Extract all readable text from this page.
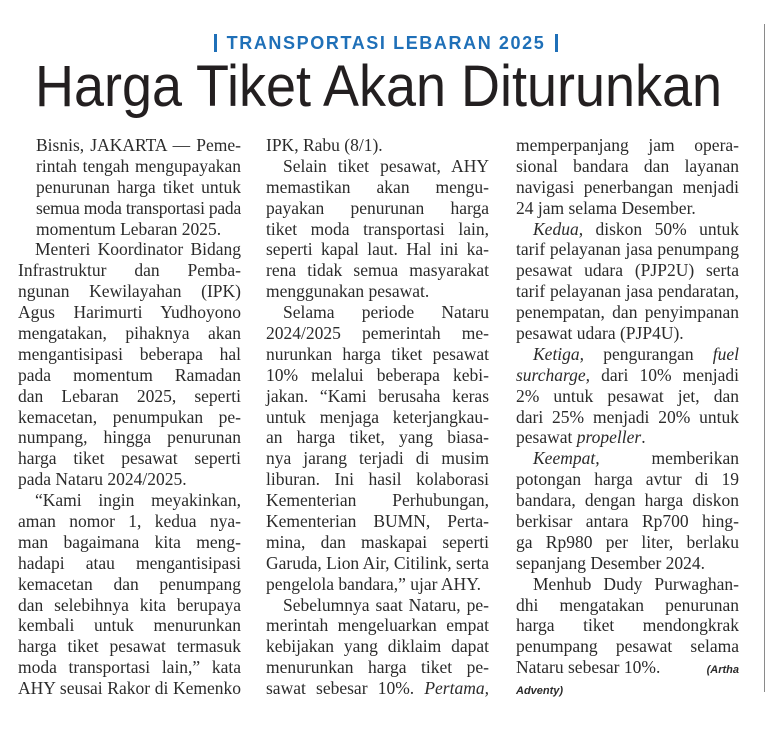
TRANSPORTASI LEBARAN 2025
Harga Tiket Akan Diturunkan
Bisnis, JAKARTA — Peme-
rintah tengah mengupayakan
penurunan harga tiket untuk
semua moda transportasi pada
momentum Lebaran 2025.
Menteri Koordinator Bidang
Infrastruktur dan Pemba-
ngunan Kewilayahan (IPK)
Agus Harimurti Yudhoyono
mengatakan, pihaknya akan
mengantisipasi beberapa hal
pada momentum Ramadan
dan Lebaran 2025, seperti
kemacetan, penumpukan pe-
numpang, hingga penurunan
harga tiket pesawat seperti
pada Nataru 2024/2025.
“Kami ingin meyakinkan,
aman nomor 1, kedua nya-
man bagaimana kita meng-
hadapi atau mengantisipasi
kemacetan dan penumpang
dan selebihnya kita berupaya
kembali untuk menurunkan
harga tiket pesawat termasuk
moda transportasi lain,” kata
AHY seusai Rakor di Kemenko
IPK, Rabu (8/1).
Selain tiket pesawat, AHY
memastikan akan mengu-
payakan penurunan harga
tiket moda transportasi lain,
seperti kapal laut. Hal ini ka-
rena tidak semua masyarakat
menggunakan pesawat.
Selama periode Nataru
2024/2025 pemerintah me-
nurunkan harga tiket pesawat
10% melalui beberapa kebi-
jakan. “Kami berusaha keras
untuk menjaga keterjangkau-
an harga tiket, yang biasa-
nya jarang terjadi di musim
liburan. Ini hasil kolaborasi
Kementerian Perhubungan,
Kementerian BUMN, Perta-
mina, dan maskapai seperti
Garuda, Lion Air, Citilink, serta
pengelola bandara,” ujar AHY.
Sebelumnya saat Nataru, pe-
merintah mengeluarkan empat
kebijakan yang diklaim dapat
menurunkan harga tiket pe-
sawat sebesar 10%. Pertama,
memperpanjang jam opera-
sional bandara dan layanan
navigasi penerbangan menjadi
24 jam selama Desember.
Kedua, diskon 50% untuk
tarif pelayanan jasa penumpang
pesawat udara (PJP2U) serta
tarif pelayanan jasa pendaratan,
penempatan, dan penyimpanan
pesawat udara (PJP4U).
Ketiga, pengurangan fuel
surcharge, dari 10% menjadi
2% untuk pesawat jet, dan
dari 25% menjadi 20% untuk
pesawat propeller.
Keempat, memberikan
potongan harga avtur di 19
bandara, dengan harga diskon
berkisar antara Rp700 hing-
ga Rp980 per liter, berlaku
sepanjang Desember 2024.
Menhub Dudy Purwaghan-
dhi mengatakan penurunan
harga tiket mendongkrak
penumpang pesawat selama
Nataru sebesar 10%.	(Artha
Adventy)
